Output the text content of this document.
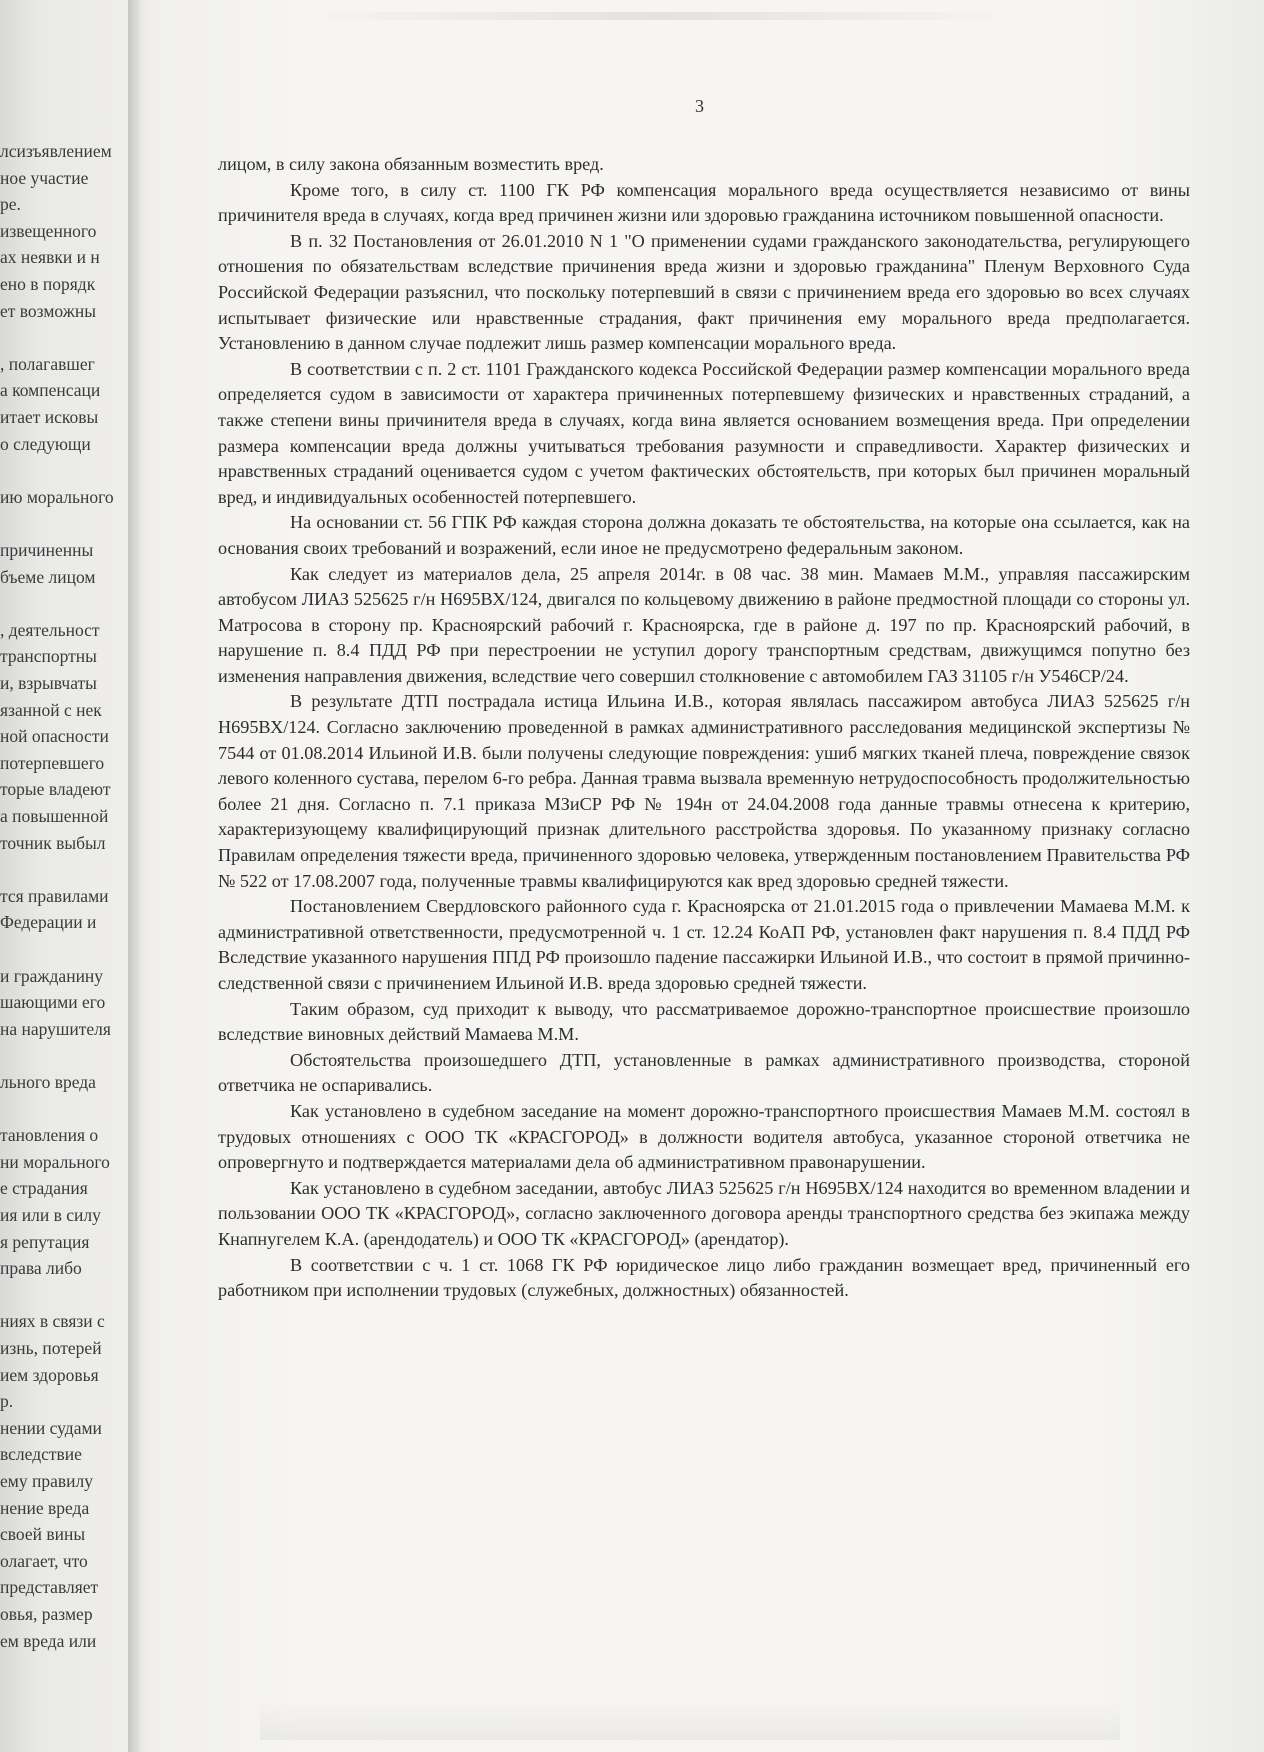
лсизъявлением
ное участие
ре.
извещенного
ах неявки и н
ено в порядк
ет возможны
, полагавшег
а компенсаци
итает исковы
о следующи
ию морального
причиненны
бъеме лицом
, деятельност
транспортны
и, взрывчаты
язанной с нек
ной опасности
потерпевшего
торые владеют
а повышенной
точник выбыл
тся правилами
Федерации и
и гражданину
шающими его
на нарушителя
льного вреда
тановления о
ни морального
е страдания
ия или в силу
я репутация
права либо
ниях в связи с
изнь, потерей
ием здоровья
р.
нении судами
вследствие
ему правилу
нение вреда
своей вины
олагает, что
представляет
овья, размер
ем вреда или
3

лицом, в силу закона обязанным возместить вред.

Кроме того, в силу ст. 1100 ГК РФ компенсация морального вреда осуществляется независимо от вины причинителя вреда в случаях, когда вред причинен жизни или здоровью гражданина источником повышенной опасности.

В п. 32 Постановления от 26.01.2010 N 1 "О применении судами гражданского законодательства, регулирующего отношения по обязательствам вследствие причинения вреда жизни и здоровью гражданина" Пленум Верховного Суда Российской Федерации разъяснил, что поскольку потерпевший в связи с причинением вреда его здоровью во всех случаях испытывает физические или нравственные страдания, факт причинения ему морального вреда предполагается. Установлению в данном случае подлежит лишь размер компенсации морального вреда.

В соответствии с п. 2 ст. 1101 Гражданского кодекса Российской Федерации размер компенсации морального вреда определяется судом в зависимости от характера причиненных потерпевшему физических и нравственных страданий, а также степени вины причинителя вреда в случаях, когда вина является основанием возмещения вреда. При определении размера компенсации вреда должны учитываться требования разумности и справедливости. Характер физических и нравственных страданий оценивается судом с учетом фактических обстоятельств, при которых был причинен моральный вред, и индивидуальных особенностей потерпевшего.

На основании ст. 56 ГПК РФ каждая сторона должна доказать те обстоятельства, на которые она ссылается, как на основания своих требований и возражений, если иное не предусмотрено федеральным законом.

Как следует из материалов дела, 25 апреля 2014г. в 08 час. 38 мин. Мамаев М.М., управляя пассажирским автобусом ЛИАЗ 525625 г/н Н695ВХ/124, двигался по кольцевому движению в районе предмостной площади со стороны ул. Матросова в сторону пр. Красноярский рабочий г. Красноярска, где в районе д. 197 по пр. Красноярский рабочий, в нарушение п. 8.4 ПДД РФ при перестроении не уступил дорогу транспортным средствам, движущимся попутно без изменения направления движения, вследствие чего совершил столкновение с автомобилем ГАЗ 31105 г/н У546СР/24.

В результате ДТП пострадала истица Ильина И.В., которая являлась пассажиром автобуса ЛИАЗ 525625 г/н Н695ВХ/124. Согласно заключению проведенной в рамках административного расследования медицинской экспертизы № 7544 от 01.08.2014 Ильиной И.В. были получены следующие повреждения: ушиб мягких тканей плеча, повреждение связок левого коленного сустава, перелом 6-го ребра. Данная травма вызвала временную нетрудоспособность продолжительностью более 21 дня. Согласно п. 7.1 приказа МЗиСР РФ № 194н от 24.04.2008 года данные травмы отнесена к критерию, характеризующему квалифицирующий признак длительного расстройства здоровья. По указанному признаку согласно Правилам определения тяжести вреда, причиненного здоровью человека, утвержденным постановлением Правительства РФ № 522 от 17.08.2007 года, полученные травмы квалифицируются как вред здоровью средней тяжести.

Постановлением Свердловского районного суда г. Красноярска от 21.01.2015 года о привлечении Мамаева М.М. к административной ответственности, предусмотренной ч. 1 ст. 12.24 КоАП РФ, установлен факт нарушения п. 8.4 ПДД РФ Вследствие указанного нарушения ППД РФ произошло падение пассажирки Ильиной И.В., что состоит в прямой причинно-следственной связи с причинением Ильиной И.В. вреда здоровью средней тяжести.

Таким образом, суд приходит к выводу, что рассматриваемое дорожно-транспортное происшествие произошло вследствие виновных действий Мамаева М.М.

Обстоятельства произошедшего ДТП, установленные в рамках административного производства, стороной ответчика не оспаривались.

Как установлено в судебном заседание на момент дорожно-транспортного происшествия Мамаев М.М. состоял в трудовых отношениях с ООО ТК «КРАСГОРОД» в должности водителя автобуса, указанное стороной ответчика не опровергнуто и подтверждается материалами дела об административном правонарушении.

Как установлено в судебном заседании, автобус ЛИАЗ 525625 г/н Н695ВХ/124 находится во временном владении и пользовании ООО ТК «КРАСГОРОД», согласно заключенного договора аренды транспортного средства без экипажа между Кнапнугелем К.А. (арендодатель) и ООО ТК «КРАСГОРОД» (арендатор).

В соответствии с ч. 1 ст. 1068 ГК РФ юридическое лицо либо гражданин возмещает вред, причиненный его работником при исполнении трудовых (служебных, должностных) обязанностей.
